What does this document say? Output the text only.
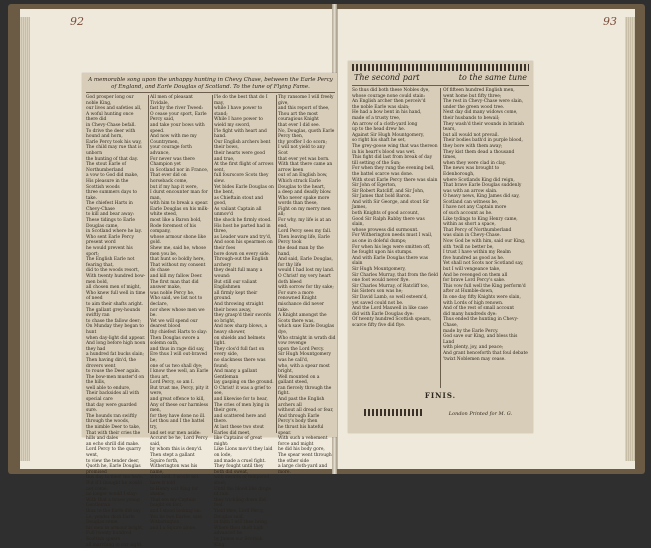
92
A memorable song upon the unhappy hunting in Chevy Chase, between the Earle Percy of England, and Earle Douglas of Scotland. To the tune of Flying Fame.
God prosper long our noble King,
our lives and safeties all,
A woful hunting once there did
in Chevy-Chase befall.
To drive the deer with hound and horn,
Earle Percy took his way,
The child may rue that is unborn
the hunting of that day.
The stout Earle of Northumberland
a vow to God did make,
His pleasure in the Scottish woods
three summers days to take.
The chiefest Harts in Chevy-Chase
to kill and bear away:
These tidings to Earle Douglas came,
in Scotland where he lay.
Who sent Earle Percy present word
he would prevent his sport;
The English Earle not fearing that,
did to the woods resort,
With twenty hundred bow-men bold,
all chosen men of might,
Who knew full well in time of need
to aim their shafts aright.
The gallant grey-hounds swiftly ran
to chase the fallow deer;
On Munday they began to hunt
when day-light did appear.
And long before high noon they had
a hundred fat bucks slain;
Then having din'd, the drovers went
to rouse the Deer again.
The bow-men muster'd on the hills,
well able to endure,
Their backsides all with special care
that day were guarded sure.
The hounds ran swiftly through the woods,
the nimble Deer to take,
That with their cries the hills and dales
an echo shrill did make.
Lord Percy to the quarry went,
to view the tender deer,
Quoth he, Earle Douglas promised
this day to meet me here.
But if I thought he would not come,
no longer would I stay:
With that a brave young Gentleman
thus to the Earle did say,
Lo, yonder doth Earle Douglas come,
his men in armour bright,
Full twenty hundred Scottish spears
all marching in our sight.
All men of pleasant Tividale,
fast by the river Tweed:
O cease your sport, Earle Percy said,
and take your bows with speed.
And now with me my Countrymen,
your courage forth advance,
For never was there Champion yet
in Scotland nor in France,
That ever did on horseback come,
but if my hap it were,
I durst encounter man for man,
with him to break a spear.
Earle Douglas on his milk-white steed,
most like a Baron bold,
Rode foremost of his company,
whose armour shone like gold.
Shew me, said he, whose men you be,
that hunt so boldly here,
That without my consent do chase
and kill my fallow Deer.
The first man that did answer make,
was noble Percy he,
Who said, we list not to declare,
nor shew whose men we be.
Yet we will spend our dearest blood
thy chiefest Harts to slay:
Then Douglas swore a solemn oath,
and thus in rage did say,
Ere thus I will out-braved be,
one of us two shall dye;
I know thee well, an Earle thou art,
Lord Percy, so am I.
But trust me, Percy, pity it were,
and great offence to kill,
Any of these our harmless men,
for they have done no ill.
Let thou and I the battel try,
and set our men aside:
Accurst be he, Lord Percy said,
by whom this is deny'd.
Then stept a gallant Squire forth,
Witherington was his name,
Who said, I would not have it told
to Henry our King for shame,
That ere my Captain fought on foot,
and I stood looking on:
You be two Earles, said Witherington,
and I a Squire alone.
I'le do the best that do I may,
while I have power to stand;
While I have power to wield my sword,
I'le fight with heart and hand.
Our English archers bent their bows,
their hearts were good and true,
At the first flight of arrows sent,
full fourscore Scots they slew.
Yet bides Earle Douglas on the bent,
as Chieftain stout and good,
As valiant Captain all unmov'd
the shock he firmly stood.
His host he parted had in three,
as Leader ware and try'd,
And soon his spearmen on their foes
bore down on every side.
Through-out the English archery
they dealt full many a wound:
But still our valiant Englishmen
all firmly kept their ground.
And throwing straight their bows away,
they grasp'd their swords so bright,
And now sharp blows, a heavy shower,
on shields and helmets light.
They clos'd full fast on every side,
no slackness there was found;
And many a gallant Gentleman
lay gasping on the ground.
O Christ! it was a grief to see,
and likewise for to hear,
The cries of men lying in their gore,
and scattered here and there.
At last these two stout Earles did meet,
like Captains of great might:
Like Lions mov'd they laid on lode,
and made a cruel fight.
They fought until they both did sweat,
with swords of tempered steel;
Until the blood like drops of rain
they trickling down did feel.
Yield thee, Lord Percy, Douglas said,
in faith I will thee bring,
Where thou shalt high advanced be
by James our Scottish King.
Thy ransome I will freely give,
and this report of thee,
Thou art the most couragious Knight
that ever I did see.
No, Douglas, quoth Earle Percy then,
thy proffer I do scorn;
I will not yield to any Scot
that ever yet was born.
With that there came an arrow keen
out of an English bow,
Which struck Earle Douglas to the heart,
a deep and deadly blow.
Who never spake more words than these,
Fight on my merry men all;
For why, my life is at an end,
Lord Percy sees my fall.
Then leaving life, Earle Percy took
the dead man by the hand,
And said, Earle Douglas, for thy life
would I had lost my land.
O Christ! my very heart doth bleed
with sorrow for thy sake;
For sure a more renowned Knight
mischance did never take.
A Knight amongst the Scots there was,
which saw Earle Douglas dye,
Who straight in wrath did vow revenge
upon the Lord Percy.
Sir Hugh Mountgomery was he call'd,
who, with a spear most bright,
Well mounted on a gallant steed,
ran fiercely through the fight.
And past the English archers all
without all dread or fear,
And through Earle Percy's body then
he thrust his hateful spear.
With such a vehement force and might
he did his body gore,
The spear went through the other side
a large cloth-yard and more.
93
The second part	to the same tune
So thus did both these Nobles dye,
whose courage none could stain:
An English archer then perceiv'd
the noble Earle was slain;
He had a bow bent in his hand,
made of a trusty tree,
An arrow of a cloth-yard long
up to the head drew he.
Against Sir Hugh Mountgomery,
so right his shaft he set,
The grey-goose wing that was thereon
in his heart's blood was wet.
This fight did last from break of day
till setting of the Sun;
For when they rung the evening bell,
the battel scarce was done.
With stout Earle Percy there was slain
Sir John of Egerton,
Sir Robert Ratcliff, and Sir John,
Sir James that bold Baron.
And with Sir George, and stout Sir James,
both Knights of good account,
Good Sir Ralph Rabby there was slain,
whose prowess did surmount.
For Witherington needs must I wail,
as one in doleful dumps;
For when his legs were smitten off,
he fought upon his stumps.
And with Earle Douglas there was slain
Sir Hugh Mountgomery,
Sir Charles Murray, that from the field
one foot would never flye.
Sir Charles Murray, of Ratcliff too,
his Sisters son was he;
Sir David Lamb, so well esteem'd,
yet saved could not be.
And the Lord Maxwell in like case
did with Earle Douglas dye:
Of twenty hundred Scottish spears,
scarce fifty five did flye.
Of fifteen hundred English men,
went home but fifty three;
The rest in Chevy-Chase were slain,
under the green wood tree.
Next day did many widows come,
their husbands to bewail;
They wash'd their wounds in brinish tears,
but all would not prevail.
Their bodies bath'd in purple blood,
they bore with them away;
They kist them dead a thousand times,
when they were clad in clay.
The news was brought to Edenborough,
where Scotlands King did reign,
That brave Earle Douglas suddenly
was with an arrow slain.
O heavy news, King James did say,
Scotland can witness be,
I have not any Captain more
of such account as he.
Like tydings to King Henry came,
within as short a space,
That Percy of Northumberland
was slain in Chevy-Chase.
Now God be with him, said our King,
sith 'twill no better be,
I trust I have within my Realm
five hundred as good as he.
Yet shall not Scots nor Scotland say,
but I will vengeance take,
And be revenged on them all
for brave Lord Percy's sake.
This vow full well the King perform'd
after at Humble-down,
In one day fifty Knights were slain,
with Lords of high renown.
And of the rest of small account
did many hundreds dye:
Thus ended the hunting in Chevy-Chase,
made by the Earle Percy.
God save our King, and bless this Land
with plenty, joy, and peace;
And grant henceforth that foul debate
'twixt Noblemen may cease.
FINIS.
London Printed for M. G.
